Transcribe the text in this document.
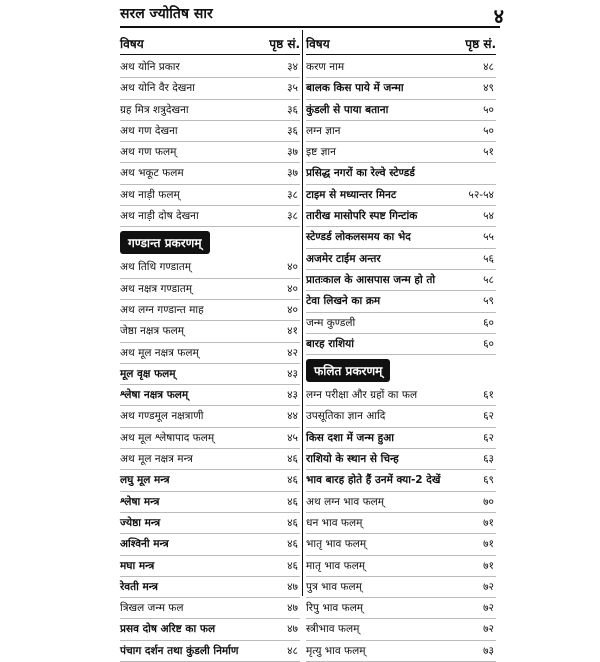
सरल ज्योतिष सार	४
विषय	पृष्ठ सं.
अथ योनि प्रकार	३४
अथ योनि वैर देखना	३५
ग्रह मित्र शत्रुदेखना	३६
अथ गण देखना	३६
अथ गण फलम्	३७
अथ भकूट फलम	३७
अथ नाड़ी फलम्	३८
अथ नाड़ी दोष देखना	३८
गण्डान्त प्रकरणम्
अथ तिथि गण्डातम्	४०
अथ नक्षत्र गण्डातम्	४०
अथ लग्न गण्डान्त माह	४०
जेष्ठा नक्षत्र फलम्	४१
अथ मूल नक्षत्र फलम्	४२
मूल वृक्ष फलम्	४३
श्लेषा नक्षत्र फलम्	४३
अथ गण्डमूल नक्षत्राणी	४४
अथ मूल श्लेषापाद फलम्	४५
अथ मूल नक्षत्र मन्त्र	४६
लघु मूल मन्त्र	४६
श्लेषा मन्त्र	४६
ज्येष्ठा मन्त्र	४६
अश्विनी मन्त्र	४६
मघा मन्त्र	४६
रेवती मन्त्र	४७
त्रिखल जन्म फल	४७
प्रसव दोष अरिष्ट का फल	४७
पंचाग दर्शन तथा कुंडली निर्माण	४८
विषय	पृष्ठ सं.
करण नाम	४८
बालक किस पाये में जन्मा	४९
कुंडली से पाया बताना	५०
लग्न ज्ञान	५०
इष्ट ज्ञान	५१
प्रसिद्ध नगरों का रेल्वे स्टेण्डर्ड
टाइम से मध्यान्तर मिनट	५२-५४
तारीख मासोपरि स्पष्ट गिन्टांक	५४
स्टेण्डर्ड लोकलसमय का भेद	५५
अजमेर टाईम अन्तर	५६
प्रातःकाल के आसपास जन्म हो तो	५८
टेवा लिखने का क्रम	५९
जन्म कुण्डली	६०
बारह राशियां	६०
फलित प्रकरणम्
लग्न परीक्षा और ग्रहों का फल	६१
उपसूतिका ज्ञान आदि	६२
किस दशा में जन्म हुआ	६२
राशियो के स्थान से चिन्ह	६३
भाव बारह होते हैं उनमें क्या-2 देखें	६९
अथ लग्न भाव फलम्	७०
धन भाव फलम्	७१
भातृ भाव फलम्	७१
मातृ भाव फलम्	७१
पुत्र भाव फलम्	७२
रिपु भाव फलम्	७२
स्त्रीभाव फलम्	७२
मृत्यु भाव फलम्	७३
